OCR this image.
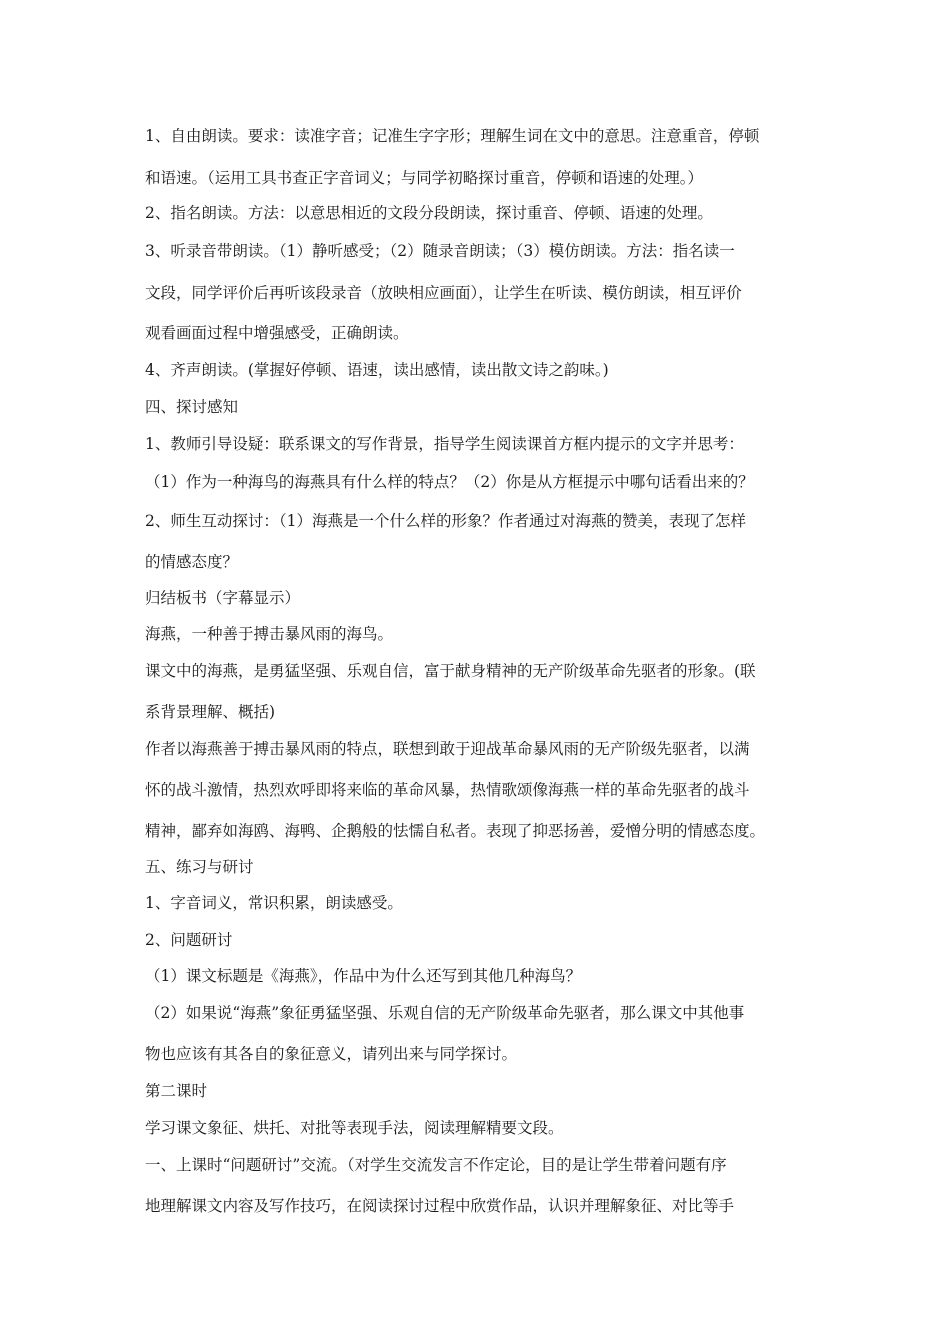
1、自由朗读。要求：读准字音；记准生字字形；理解生词在文中的意思。注意重音，停顿
和语速。（运用工具书查正字音词义；与同学初略探讨重音，停顿和语速的处理。）
2、指名朗读。方法：以意思相近的文段分段朗读，探讨重音、停顿、语速的处理。
3、听录音带朗读。（1）静听感受；（2）随录音朗读；（3）模仿朗读。方法：指名读一
文段，同学评价后再听该段录音（放映相应画面），让学生在听读、模仿朗读，相互评价
观看画面过程中增强感受，正确朗读。
4、齐声朗读。(掌握好停顿、语速，读出感情，读出散文诗之韵味。)
四、探讨感知
1、教师引导设疑：联系课文的写作背景，指导学生阅读课首方框内提示的文字并思考：
（1）作为一种海鸟的海燕具有什么样的特点？（2）你是从方框提示中哪句话看出来的？
2、师生互动探讨：（1）海燕是一个什么样的形象？作者通过对海燕的赞美，表现了怎样
的情感态度？
归结板书（字幕显示）
海燕，一种善于搏击暴风雨的海鸟。
课文中的海燕，是勇猛坚强、乐观自信，富于献身精神的无产阶级革命先驱者的形象。(联
系背景理解、概括)
作者以海燕善于搏击暴风雨的特点，联想到敢于迎战革命暴风雨的无产阶级先驱者，以满
怀的战斗激情，热烈欢呼即将来临的革命风暴，热情歌颂像海燕一样的革命先驱者的战斗
精神，鄙弃如海鸥、海鸭、企鹅般的怯懦自私者。表现了抑恶扬善，爱憎分明的情感态度。
五、练习与研讨
1、字音词义，常识积累，朗读感受。
2、问题研讨
（1）课文标题是《海燕》，作品中为什么还写到其他几种海鸟？
（2）如果说“海燕”象征勇猛坚强、乐观自信的无产阶级革命先驱者，那么课文中其他事
物也应该有其各自的象征意义，请列出来与同学探讨。
第二课时
学习课文象征、烘托、对批等表现手法，阅读理解精要文段。
一、上课时“问题研讨”交流。（对学生交流发言不作定论，目的是让学生带着问题有序
地理解课文内容及写作技巧，在阅读探讨过程中欣赏作品，认识并理解象征、对比等手
